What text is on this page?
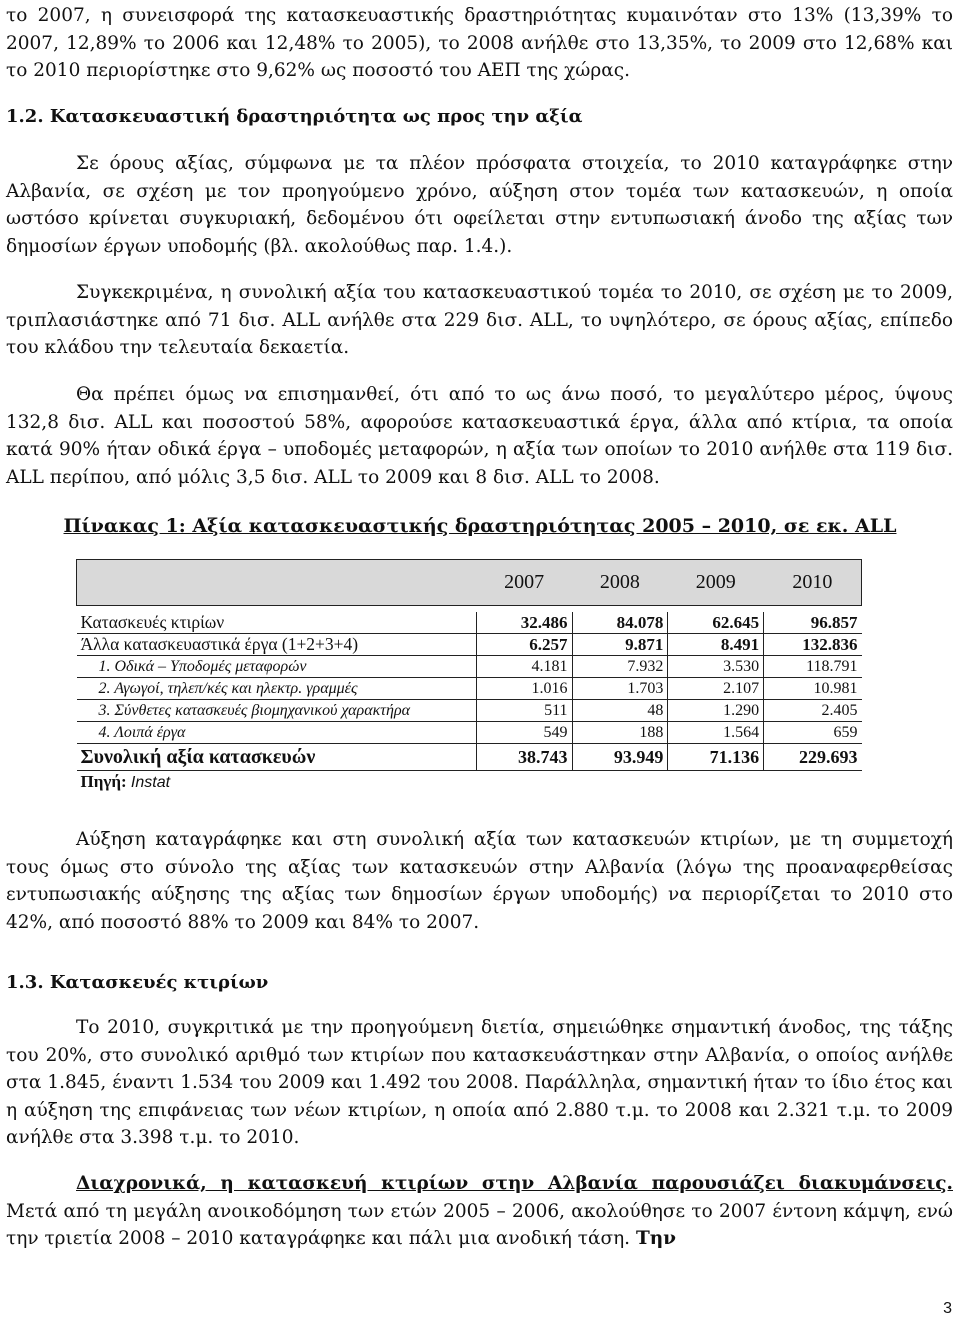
το 2007, η συνεισφορά της κατασκευαστικής δραστηριότητας κυμαινόταν στο 13% (13,39% το 2007, 12,89% το 2006 και 12,48% το 2005), το 2008 ανήλθε στο 13,35%, το 2009 στο 12,68% και το 2010 περιορίστηκε στο 9,62% ως ποσοστό του ΑΕΠ της χώρας.

1.2. Κατασκευαστική δραστηριότητα ως προς την αξία

Σε όρους αξίας, σύμφωνα με τα πλέον πρόσφατα στοιχεία, το 2010 καταγράφηκε στην Αλβανία, σε σχέση με τον προηγούμενο χρόνο, αύξηση στον τομέα των κατασκευών, η οποία ωστόσο κρίνεται συγκυριακή, δεδομένου ότι οφείλεται στην εντυπωσιακή άνοδο της αξίας των δημοσίων έργων υποδομής (βλ. ακολούθως παρ. 1.4.).

Συγκεκριμένα, η συνολική αξία του κατασκευαστικού τομέα το 2010, σε σχέση με το 2009, τριπλασιάστηκε από 71 δισ. ALL ανήλθε στα 229 δισ. ALL, το υψηλότερο, σε όρους αξίας, επίπεδο του κλάδου την τελευταία δεκαετία.

Θα πρέπει όμως να επισημανθεί, ότι από το ως άνω ποσό, το μεγαλύτερο μέρος, ύψους 132,8 δισ. ALL και ποσοστού 58%, αφορούσε κατασκευαστικά έργα, άλλα από κτίρια, τα οποία κατά 90% ήταν οδικά έργα – υποδομές μεταφορών, η αξία των οποίων το 2010 ανήλθε στα 119 δισ. ALL περίπου, από μόλις 3,5 δισ. ALL το 2009 και 8 δισ. ALL το 2008.

Πίνακας 1: Αξία κατασκευαστικής δραστηριότητας 2005 – 2010, σε εκ. ALL
	2007	2008	2009	2010

Κατασκευές κτιρίων	32.486	84.078	62.645	96.857
Άλλα κατασκευαστικά έργα (1+2+3+4)	6.257	9.871	8.491	132.836
1. Οδικά – Υποδομές μεταφορών	4.181	7.932	3.530	118.791
2. Αγωγοί, τηλεπ/κές και ηλεκτρ. γραμμές	1.016	1.703	2.107	10.981
3. Σύνθετες κατασκευές βιομηχανικού χαρακτήρα	511	48	1.290	2.405
4. Λοιπά έργα	549	188	1.564	659
Συνολική αξία κατασκευών	38.743	93.949	71.136	229.693
Πηγή: Instat				

Αύξηση καταγράφηκε και στη συνολική αξία των κατασκευών κτιρίων, με τη συμμετοχή τους όμως στο σύνολο της αξίας των κατασκευών στην Αλβανία (λόγω της προαναφερθείσας εντυπωσιακής αύξησης της αξίας των δημοσίων έργων υποδομής) να περιορίζεται το 2010 στο 42%, από ποσοστό 88% το 2009 και 84% το 2007.

1.3. Κατασκευές κτιρίων

Το 2010, συγκριτικά με την προηγούμενη διετία, σημειώθηκε σημαντική άνοδος, της τάξης του 20%, στο συνολικό αριθμό των κτιρίων που κατασκευάστηκαν στην Αλβανία, ο οποίος ανήλθε στα 1.845, έναντι 1.534 του 2009 και 1.492 του 2008. Παράλληλα, σημαντική ήταν το ίδιο έτος και η αύξηση της επιφάνειας των νέων κτιρίων, η οποία από 2.880 τ.μ. το 2008 και 2.321 τ.μ. το 2009 ανήλθε στα 3.398 τ.μ. το 2010.

Διαχρονικά, η κατασκευή κτιρίων στην Αλβανία παρουσιάζει διακυμάνσεις. Μετά από τη μεγάλη ανοικοδόμηση των ετών 2005 – 2006, ακολούθησε το 2007 έντονη κάμψη, ενώ την τριετία 2008 – 2010 καταγράφηκε και πάλι μια ανοδική τάση. Την

3
